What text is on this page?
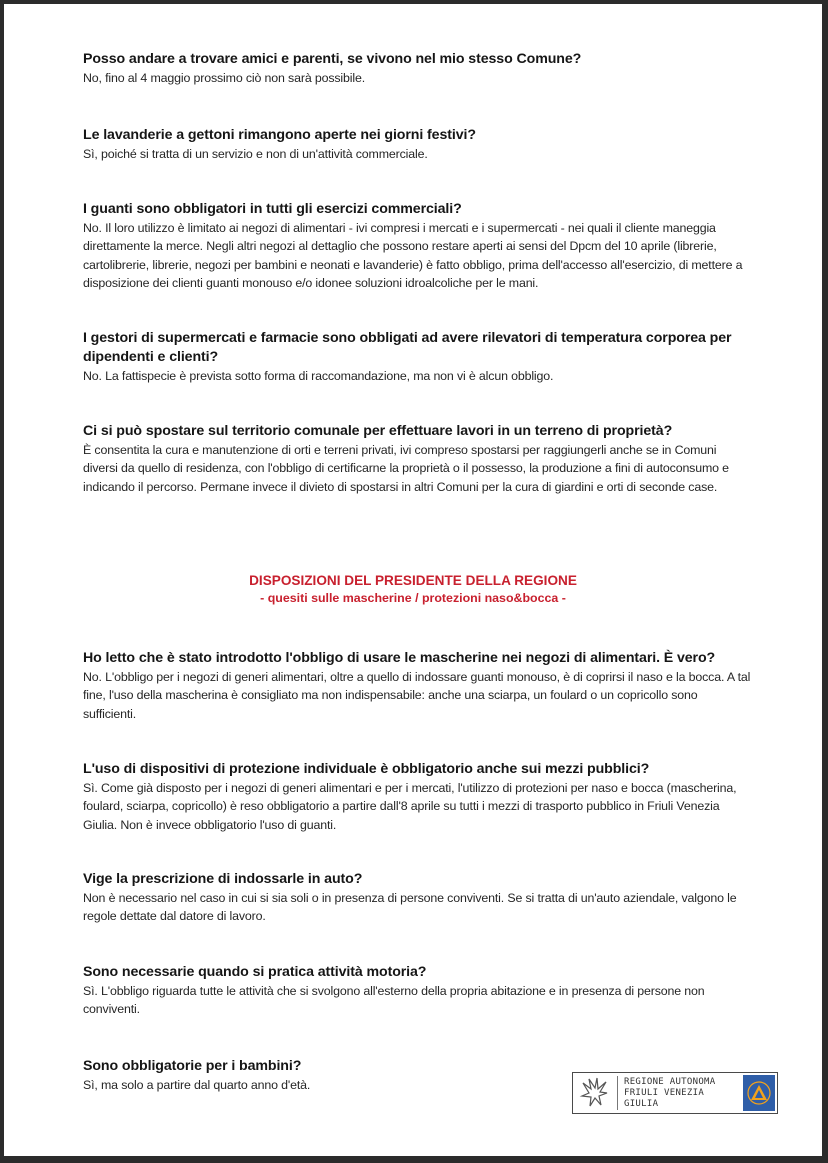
Posso andare a trovare amici e parenti, se vivono nel mio stesso Comune?

No, fino al 4 maggio prossimo ciò non sarà possibile.

Le lavanderie a gettoni rimangono aperte nei giorni festivi?

Sì, poiché si tratta di un servizio e non di un'attività commerciale.

I guanti sono obbligatori in tutti gli esercizi commerciali?

No. Il loro utilizzo è limitato ai negozi di alimentari - ivi compresi i mercati e i supermercati - nei quali il cliente maneggia direttamente la merce. Negli altri negozi al dettaglio che possono restare aperti ai sensi del Dpcm del 10 aprile (librerie, cartolibrerie, librerie, negozi per bambini e neonati e lavanderie) è fatto obbligo, prima dell'accesso all'esercizio, di mettere a disposizione dei clienti guanti monouso e/o idonee soluzioni idroalcoliche per le mani.

I gestori di supermercati e farmacie sono obbligati ad avere rilevatori di temperatura corporea per dipendenti e clienti?

No. La fattispecie è prevista sotto forma di raccomandazione, ma non vi è alcun obbligo.

Ci si può spostare sul territorio comunale per effettuare lavori in un terreno di proprietà?

È consentita la cura e manutenzione di orti e terreni privati, ivi compreso spostarsi per raggiungerli anche se in Comuni diversi da quello di residenza, con l'obbligo di certificarne la proprietà o il possesso, la produzione a fini di autoconsumo e indicando il percorso. Permane invece il divieto di spostarsi in altri Comuni per la cura di giardini e orti di seconde case.

DISPOSIZIONI DEL PRESIDENTE DELLA REGIONE
- quesiti sulle mascherine / protezioni naso&bocca -

Ho letto che è stato introdotto l'obbligo di usare le mascherine nei negozi di alimentari. È vero?

No. L'obbligo per i negozi di generi alimentari, oltre a quello di indossare guanti monouso, è di coprirsi il naso e la bocca. A tal fine, l'uso della mascherina è consigliato ma non indispensabile: anche una sciarpa, un foulard o un copricollo sono sufficienti.

L'uso di dispositivi di protezione individuale è obbligatorio anche sui mezzi pubblici?

Sì. Come già disposto per i negozi di generi alimentari e per i mercati, l'utilizzo di protezioni per naso e bocca (mascherina, foulard, sciarpa, copricollo) è reso obbligatorio a partire dall'8 aprile su tutti i mezzi di trasporto pubblico in Friuli Venezia Giulia. Non è invece obbligatorio l'uso di guanti.

Vige la prescrizione di indossarle in auto?

Non è necessario nel caso in cui si sia soli o in presenza di persone conviventi. Se si tratta di un'auto aziendale, valgono le regole dettate dal datore di lavoro.

Sono necessarie quando si pratica attività motoria?

Sì. L'obbligo riguarda tutte le attività che si svolgono all'esterno della propria abitazione e in presenza di persone non conviventi.

Sono obbligatorie per i bambini?

Sì, ma solo a partire dal quarto anno d'età.	REGIONE AUTONOMA
FRIULI VENEZIA GIULIA
